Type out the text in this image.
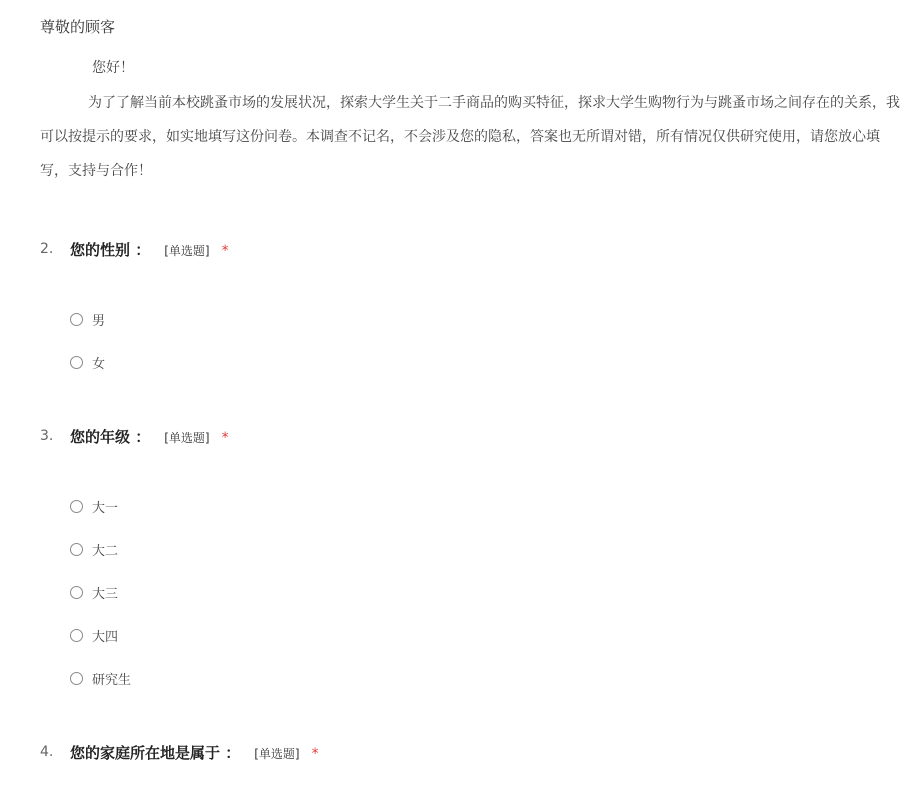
尊敬的顾客
您好！
为了了解当前本校跳蚤市场的发展状况，探索大学生关于二手商品的购买特征，探求大学生购物行为与跳蚤市场之间存在的关系，我可以按提示的要求，如实地填写这份问卷。本调查不记名，不会涉及您的隐私，答案也无所谓对错，所有情况仅供研究使用，请您放心填写，支持与合作！
2. 您的性别 ： [单选题] *
男
女
3. 您的年级 ： [单选题] *
大一
大二
大三
大四
研究生
4. 您的家庭所在地是属于 ： [单选题] *
